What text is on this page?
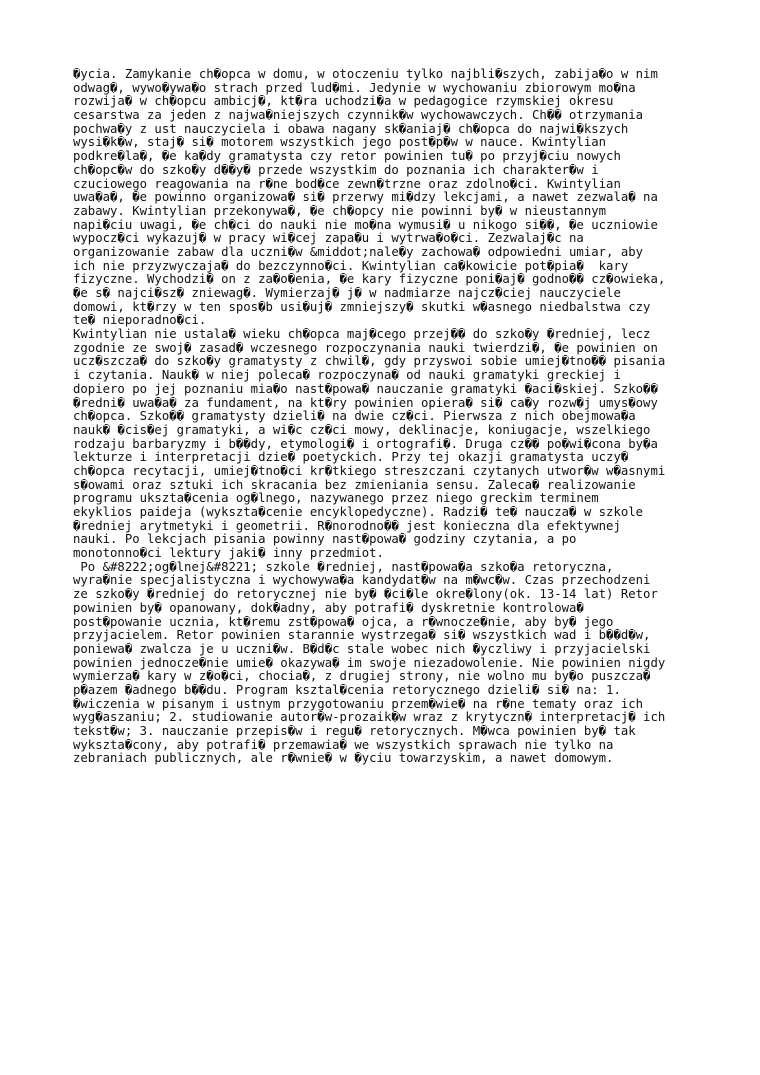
�ycia. Zamykanie ch�opca w domu, w otoczeniu tylko najbli�szych, zabija�o w nim
odwag�, wywo�ywa�o strach przed lud�mi. Jedynie w wychowaniu zbiorowym mo�na
rozwija� w ch�opcu ambicj�, kt�ra uchodzi�a w pedagogice rzymskiej okresu
cesarstwa za jeden z najwa�niejszych czynnik�w wychowawczych. Ch�� otrzymania
pochwa�y z ust nauczyciela i obawa nagany sk�aniaj� ch�opca do najwi�kszych
wysi�k�w, staj� si� motorem wszystkich jego post�p�w w nauce. Kwintylian
podkre�la�, �e ka�dy gramatysta czy retor powinien tu� po przyj�ciu nowych
ch�opc�w do szko�y d��y� przede wszystkim do poznania ich charakter�w i
czuciowego reagowania na r�ne bod�ce zewn�trzne oraz zdolno�ci. Kwintylian
uwa�a�, �e powinno organizowa� si� przerwy mi�dzy lekcjami, a nawet zezwala� na
zabawy. Kwintylian przekonywa�, �e ch�opcy nie powinni by� w nieustannym
napi�ciu uwagi, �e ch�ci do nauki nie mo�na wymusi� u nikogo si��, �e uczniowie
wypocz�ci wykazuj� w pracy wi�cej zapa�u i wytrwa�o�ci. Zezwalaj�c na
organizowanie zabaw dla uczni�w &middot;nale�y zachowa� odpowiedni umiar, aby
ich nie przyzwyczaja� do bezczynno�ci. Kwintylian ca�kowicie pot�pia�  kary
fizyczne. Wychodzi� on z za�o�enia, �e kary fizyczne poni�aj� godno�� cz�owieka,
�e s� najci�sz� zniewag�. Wymierzaj� j� w nadmiarze najcz�ciej nauczyciele
domowi, kt�rzy w ten spos�b usi�uj� zmniejszy� skutki w�asnego niedbalstwa czy
te� nieporadno�ci.
Kwintylian nie ustala� wieku ch�opca maj�cego przej�� do szko�y �redniej, lecz
zgodnie ze swoj� zasad� wczesnego rozpoczynania nauki twierdzi�, �e powinien on
ucz�szcza� do szko�y gramatysty z chwil�, gdy przyswoi sobie umiej�tno�� pisania
i czytania. Nauk� w niej poleca� rozpoczyna� od nauki gramatyki greckiej i
dopiero po jej poznaniu mia�o nast�powa� nauczanie gramatyki �aci�skiej. Szko��
�redni� uwa�a� za fundament, na kt�ry powinien opiera� si� ca�y rozw�j umys�owy
ch�opca. Szko�� gramatysty dzieli� na dwie cz�ci. Pierwsza z nich obejmowa�a
nauk� �cis�ej gramatyki, a wi�c cz�ci mowy, deklinacje, koniugacje, wszelkiego
rodzaju barbaryzmy i b��dy, etymologi� i ortografi�. Druga cz�� po�wi�cona by�a
lekturze i interpretacji dzie� poetyckich. Przy tej okazji gramatysta uczy�
ch�opca recytacji, umiej�tno�ci kr�tkiego streszczani czytanych utwor�w w�asnymi
s�owami oraz sztuki ich skracania bez zmieniania sensu. Zaleca� realizowanie
programu ukszta�cenia og�lnego, nazywanego przez niego greckim terminem
ekyklios paideja (wykszta�cenie encyklopedyczne). Radzi� te� naucza� w szkole
�redniej arytmetyki i geometrii. R�norodno�� jest konieczna dla efektywnej
nauki. Po lekcjach pisania powinny nast�powa� godziny czytania, a po
monotonno�ci lektury jaki� inny przedmiot.
Po &#8222;og�lnej&#8221; szkole �redniej, nast�powa�a szko�a retoryczna,
wyra�nie specjalistyczna i wychowywa�a kandydat�w na m�wc�w. Czas przechodzeni
ze szko�y �redniej do retorycznej nie by� �ci�le okre�lony(ok. 13-14 lat) Retor
powinien by� opanowany, dok�adny, aby potrafi� dyskretnie kontrolowa�
post�powanie ucznia, kt�remu zst�powa� ojca, a r�wnocze�nie, aby by� jego
przyjacielem. Retor powinien starannie wystrzega� si� wszystkich wad i b��d�w,
poniewa� zwalcza je u uczni�w. B�d�c stale wobec nich �yczliwy i przyjacielski
powinien jednocze�nie umie� okazywa� im swoje niezadowolenie. Nie powinien nigdy
wymierza� kary w z�o�ci, chocia�, z drugiej strony, nie wolno mu by�o puszcza�
p�azem �adnego b��du. Program ksztal�cenia retorycznego dzieli� si� na: 1.
�wiczenia w pisanym i ustnym przygotowaniu przem�wie� na r�ne tematy oraz ich
wyg�aszaniu; 2. studiowanie autor�w-prozaik�w wraz z krytyczn� interpretacj� ich
tekst�w; 3. nauczanie przepis�w i regu� retorycznych. M�wca powinien by� tak
wykszta�cony, aby potrafi� przemawia� we wszystkich sprawach nie tylko na
zebraniach publicznych, ale r�wnie� w �yciu towarzyskim, a nawet domowym.
